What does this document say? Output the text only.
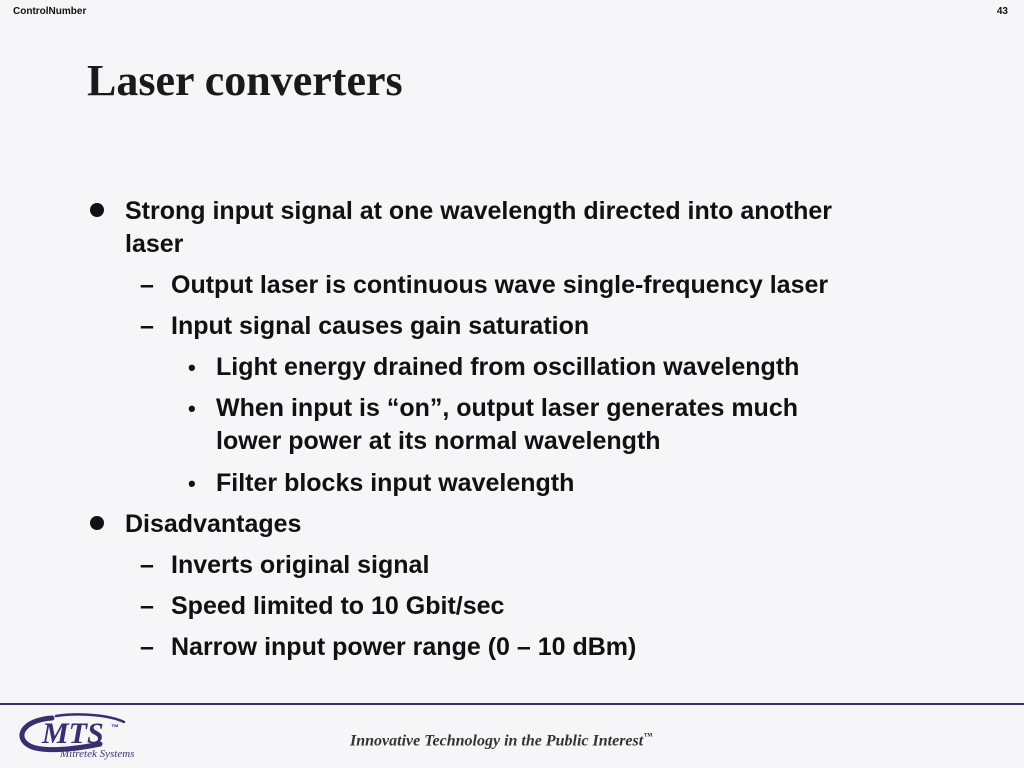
ControlNumber	43
Laser converters
Strong input signal at one wavelength directed into another
laser
– Output laser is continuous wave single-frequency laser
– Input signal causes gain saturation
• Light energy drained from oscillation wavelength
• When input is “on”, output laser generates much
lower power at its normal wavelength
• Filter blocks input wavelength
Disadvantages
– Inverts original signal
– Speed limited to 10 Gbit/sec
– Narrow input power range (0 – 10 dBm)
MTS ™
Mitretek Systems
Innovative Technology in the Public Interest™
